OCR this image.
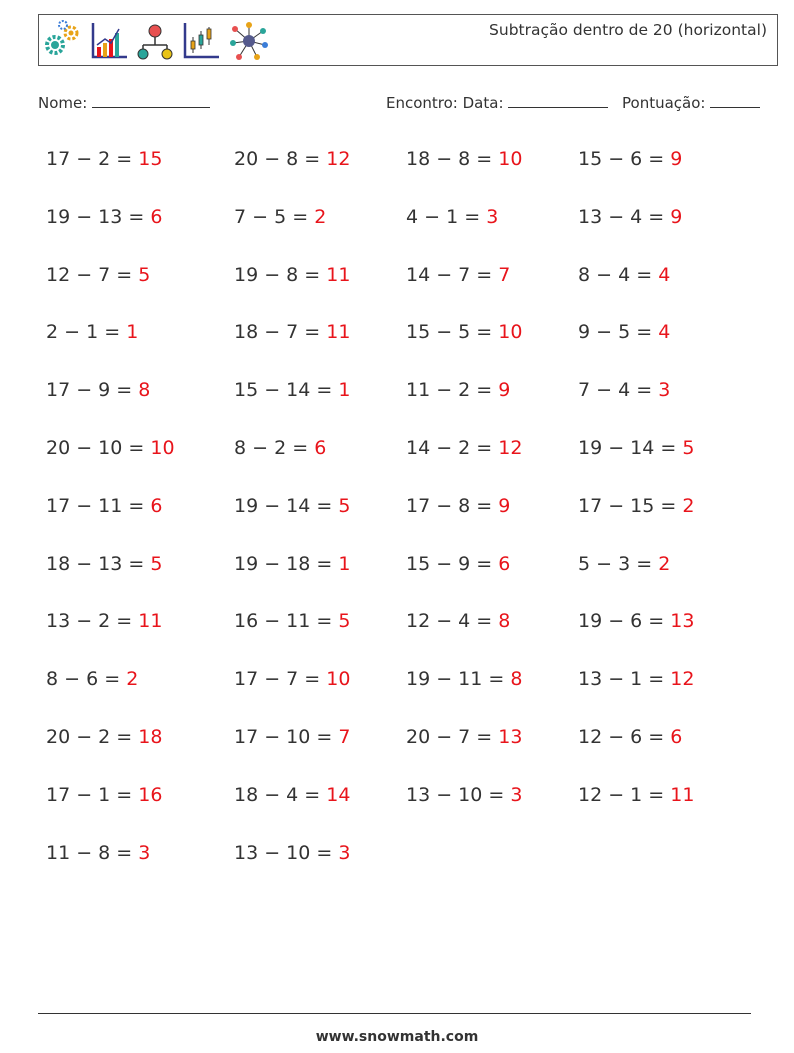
Subtração dentro de 20 (horizontal)
Nome:	Encontro: Data:	Pontuação:
17 − 2 = 15	20 − 8 = 12	18 − 8 = 10	15 − 6 = 9
19 − 13 = 6	7 − 5 = 2	4 − 1 = 3	13 − 4 = 9
12 − 7 = 5	19 − 8 = 11	14 − 7 = 7	8 − 4 = 4
2 − 1 = 1	18 − 7 = 11	15 − 5 = 10	9 − 5 = 4
17 − 9 = 8	15 − 14 = 1	11 − 2 = 9	7 − 4 = 3
20 − 10 = 10	8 − 2 = 6	14 − 2 = 12	19 − 14 = 5
17 − 11 = 6	19 − 14 = 5	17 − 8 = 9	17 − 15 = 2
18 − 13 = 5	19 − 18 = 1	15 − 9 = 6	5 − 3 = 2
13 − 2 = 11	16 − 11 = 5	12 − 4 = 8	19 − 6 = 13
8 − 6 = 2	17 − 7 = 10	19 − 11 = 8	13 − 1 = 12
20 − 2 = 18	17 − 10 = 7	20 − 7 = 13	12 − 6 = 6
17 − 1 = 16	18 − 4 = 14	13 − 10 = 3	12 − 1 = 11
11 − 8 = 3	13 − 10 = 3
www.snowmath.com
